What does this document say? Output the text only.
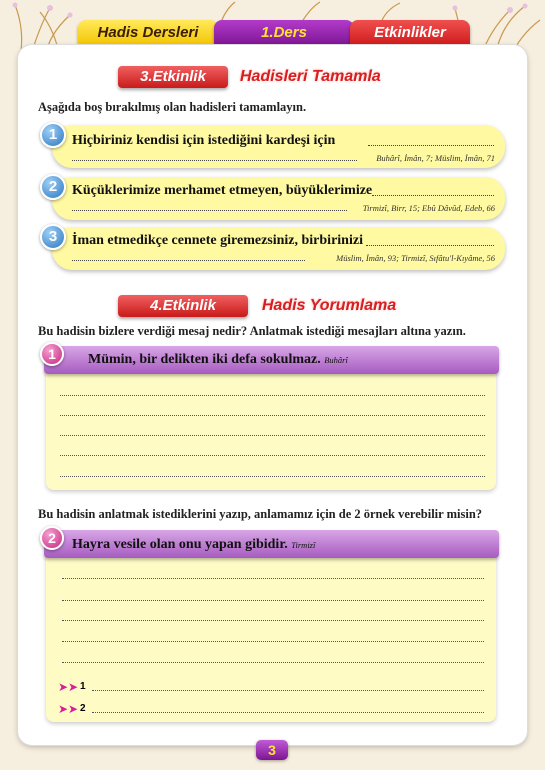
Hadis Dersleri	1.Ders	Etkinlikler
3.Etkinlik	Hadisleri Tamamla
Aşağıda boş bırakılmış olan hadisleri tamamlayın.
1	Hiçbiriniz kendisi için istediğini kardeşi için
Buhârî, İmân, 7; Müslim, İmân, 71
2	Küçüklerimize merhamet etmeyen, büyüklerimize
Tirmizî, Birr, 15; Ebû Dâvûd, Edeb, 66
3	İman etmedikçe cennete giremezsiniz, birbirinizi
Müslim, İmân, 93; Tirmizî, Sıfâtu'l-Kıyâme, 56
4.Etkinlik	Hadis Yorumlama
Bu hadisin bizlere verdiği mesaj nedir? Anlatmak istediği mesajları altına yazın.
1	Mümin, bir delikten iki defa sokulmaz. Buhârî
Bu hadisin anlatmak istediklerini yazıp, anlamamız için de 2 örnek verebilir misin?
2	Hayra vesile olan onu yapan gibidir. Tirmizî
➤➤ 1
➤➤ 2
3
